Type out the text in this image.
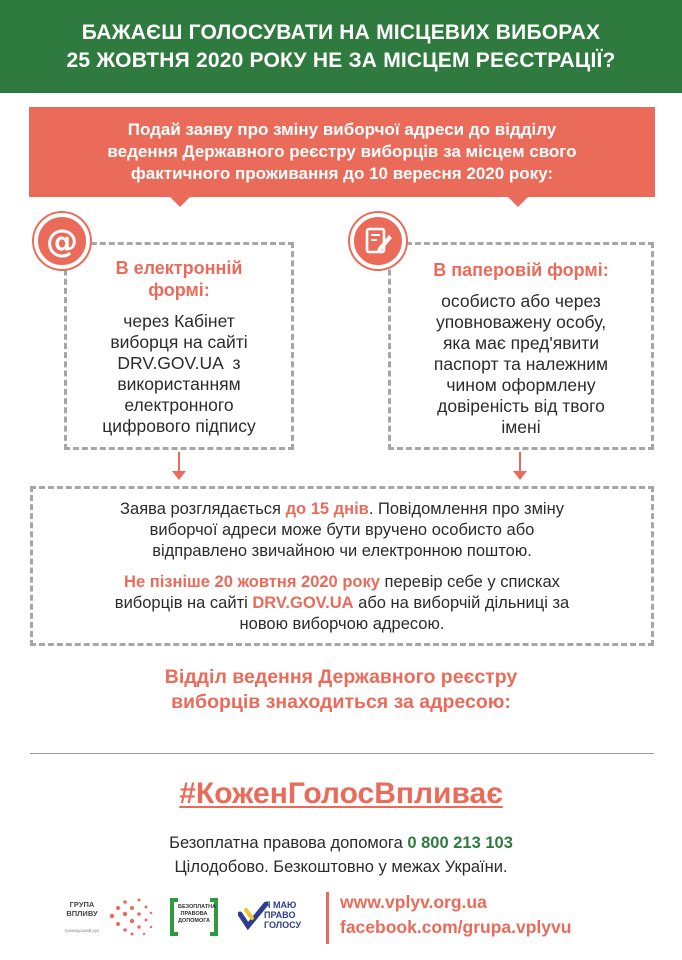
БАЖАЄШ ГОЛОСУВАТИ НА МІСЦЕВИХ ВИБОРАХ
25 ЖОВТНЯ 2020 РОКУ НЕ ЗА МІСЦЕМ РЕЄСТРАЦІЇ?
Подай заяву про зміну виборчої адреси до відділу
ведення Державного реєстру виборців за місцем свого
фактичного проживання до 10 вересня 2020 року:
В електронній
формі:
через Кабінет
виборця на сайті
DRV.GOV.UA  з
використанням
електронного
цифрового підпису
@
В паперовій формі:
особисто або через
уповноважену особу,
яка має пред'явити
паспорт та належним
чином оформлену
довіреність від твого
імені
Заява розглядається до 15 днів. Повідомлення про зміну
виборчої адреси може бути вручено особисто або
відправлено звичайною чи електронною поштою.
Не пізніше 20 жовтня 2020 року перевір себе у списках
виборців на сайті DRV.GOV.UA або на виборчій дільниці за
новою виборчою адресою.
Відділ ведення Державного реєстру
виборців знаходиться за адресою:
#КоженГолосВпливає
Безоплатна правова допомога 0 800 213 103
Цілодобово. Безкоштовно у межах України.
ГРУПА
ВПЛИВУ
громадський рух
БЕЗОПЛАТНА
ПРАВОВА
ДОПОМОГА
Я МАЮ
ПРАВО
ГОЛОСУ
www.vplyv.org.ua
facebook.com/grupa.vplyvu
